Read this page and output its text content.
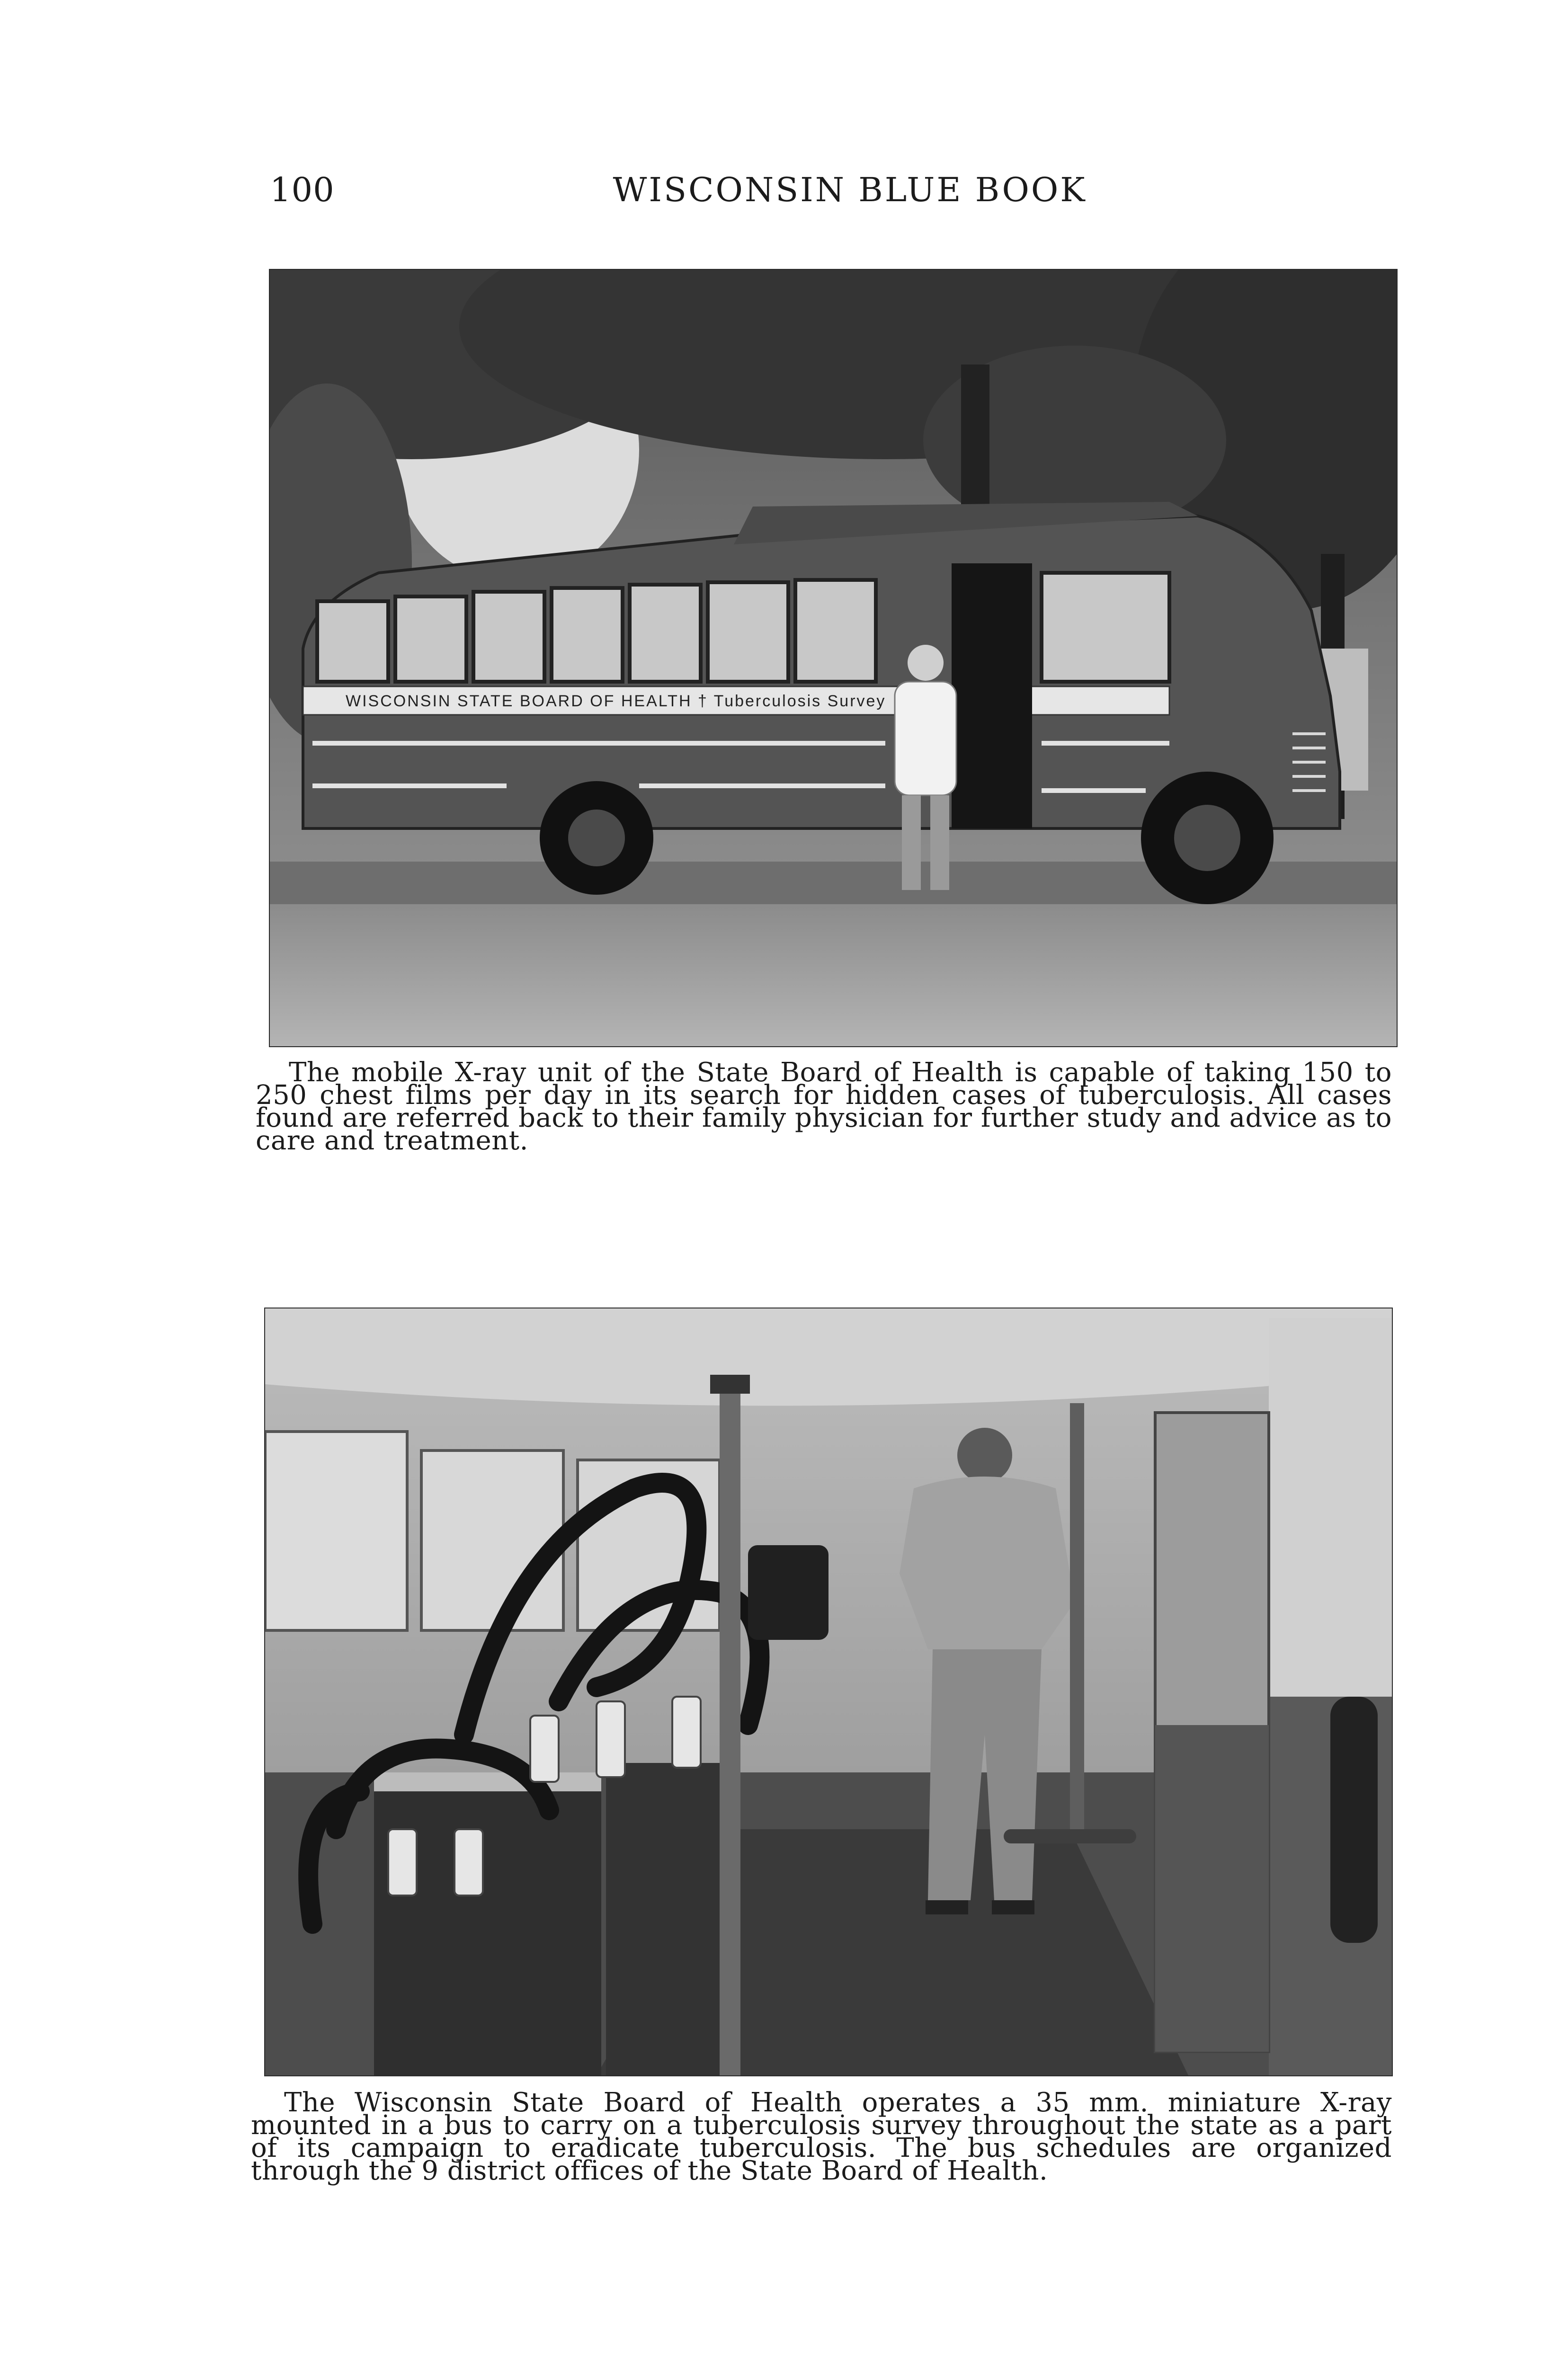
100	WISCONSIN BLUE BOOK
WISCONSIN STATE BOARD OF HEALTH † Tuberculosis Survey

The mobile X-ray unit of the State Board of Health is capable of taking 150 to 250 chest films per day in its search for hidden cases of tuberculosis. All cases found are referred back to their family physician for further study and advice as to care and treatment.

The Wisconsin State Board of Health operates a 35 mm. miniature X-ray mounted in a bus to carry on a tuberculosis survey throughout the state as a part of its campaign to eradicate tuberculosis. The bus schedules are organized through the 9 district offices of the State Board of Health.
